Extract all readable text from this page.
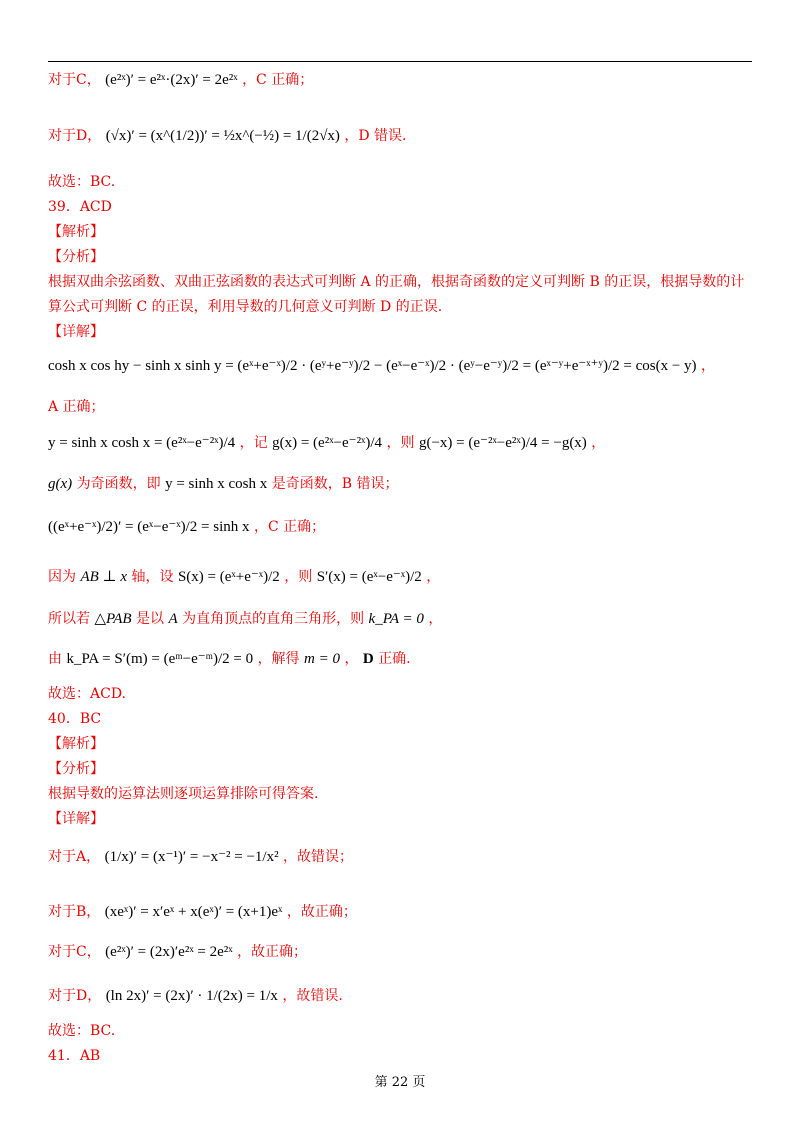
对于C， (e²ˣ)′ = e²ˣ·(2x)′ = 2e²ˣ ，C 正确；
对于D， (√x)′ = (x^(1/2))′ = ½x^(−½) = 1/(2√x) ，D 错误.
故选：BC.
39．ACD
【解析】
【分析】
根据双曲余弦函数、双曲正弦函数的表达式可判断 A 的正确，根据奇函数的定义可判断 B 的正误，根据导数的计
算公式可判断 C 的正误，利用导数的几何意义可判断 D 的正误.
【详解】
cosh x cos hy − sinh x sinh y = (eˣ+e⁻ˣ)/2 · (eʸ+e⁻ʸ)/2 − (eˣ−e⁻ˣ)/2 · (eʸ−e⁻ʸ)/2 = (eˣ⁻ʸ+e⁻ˣ⁺ʸ)/2 = cos(x − y) ，
A 正确；
y = sinh x cosh x = (e²ˣ−e⁻²ˣ)/4 ，记 g(x) = (e²ˣ−e⁻²ˣ)/4 ，则 g(−x) = (e⁻²ˣ−e²ˣ)/4 = −g(x) ，
g(x) 为奇函数，即 y = sinh x cosh x 是奇函数，B 错误；
((eˣ+e⁻ˣ)/2)′ = (eˣ−e⁻ˣ)/2 = sinh x ，C 正确；
因为 AB ⊥ x 轴，设 S(x) = (eˣ+e⁻ˣ)/2 ，则 S′(x) = (eˣ−e⁻ˣ)/2 ，
所以若 △PAB 是以 A 为直角顶点的直角三角形，则 k_PA = 0 ，
由 k_PA = S′(m) = (eᵐ−e⁻ᵐ)/2 = 0 ，解得 m = 0 ， D 正确.
故选：ACD.
40．BC
【解析】
【分析】
根据导数的运算法则逐项运算排除可得答案.
【详解】
对于A， (1/x)′ = (x⁻¹)′ = −x⁻² = −1/x² ，故错误；
对于B， (xeˣ)′ = x′eˣ + x(eˣ)′ = (x+1)eˣ ，故正确；
对于C， (e²ˣ)′ = (2x)′e²ˣ = 2e²ˣ ，故正确；
对于D， (ln 2x)′ = (2x)′ · 1/(2x) = 1/x ，故错误.
故选：BC.
41．AB
第 22 页
